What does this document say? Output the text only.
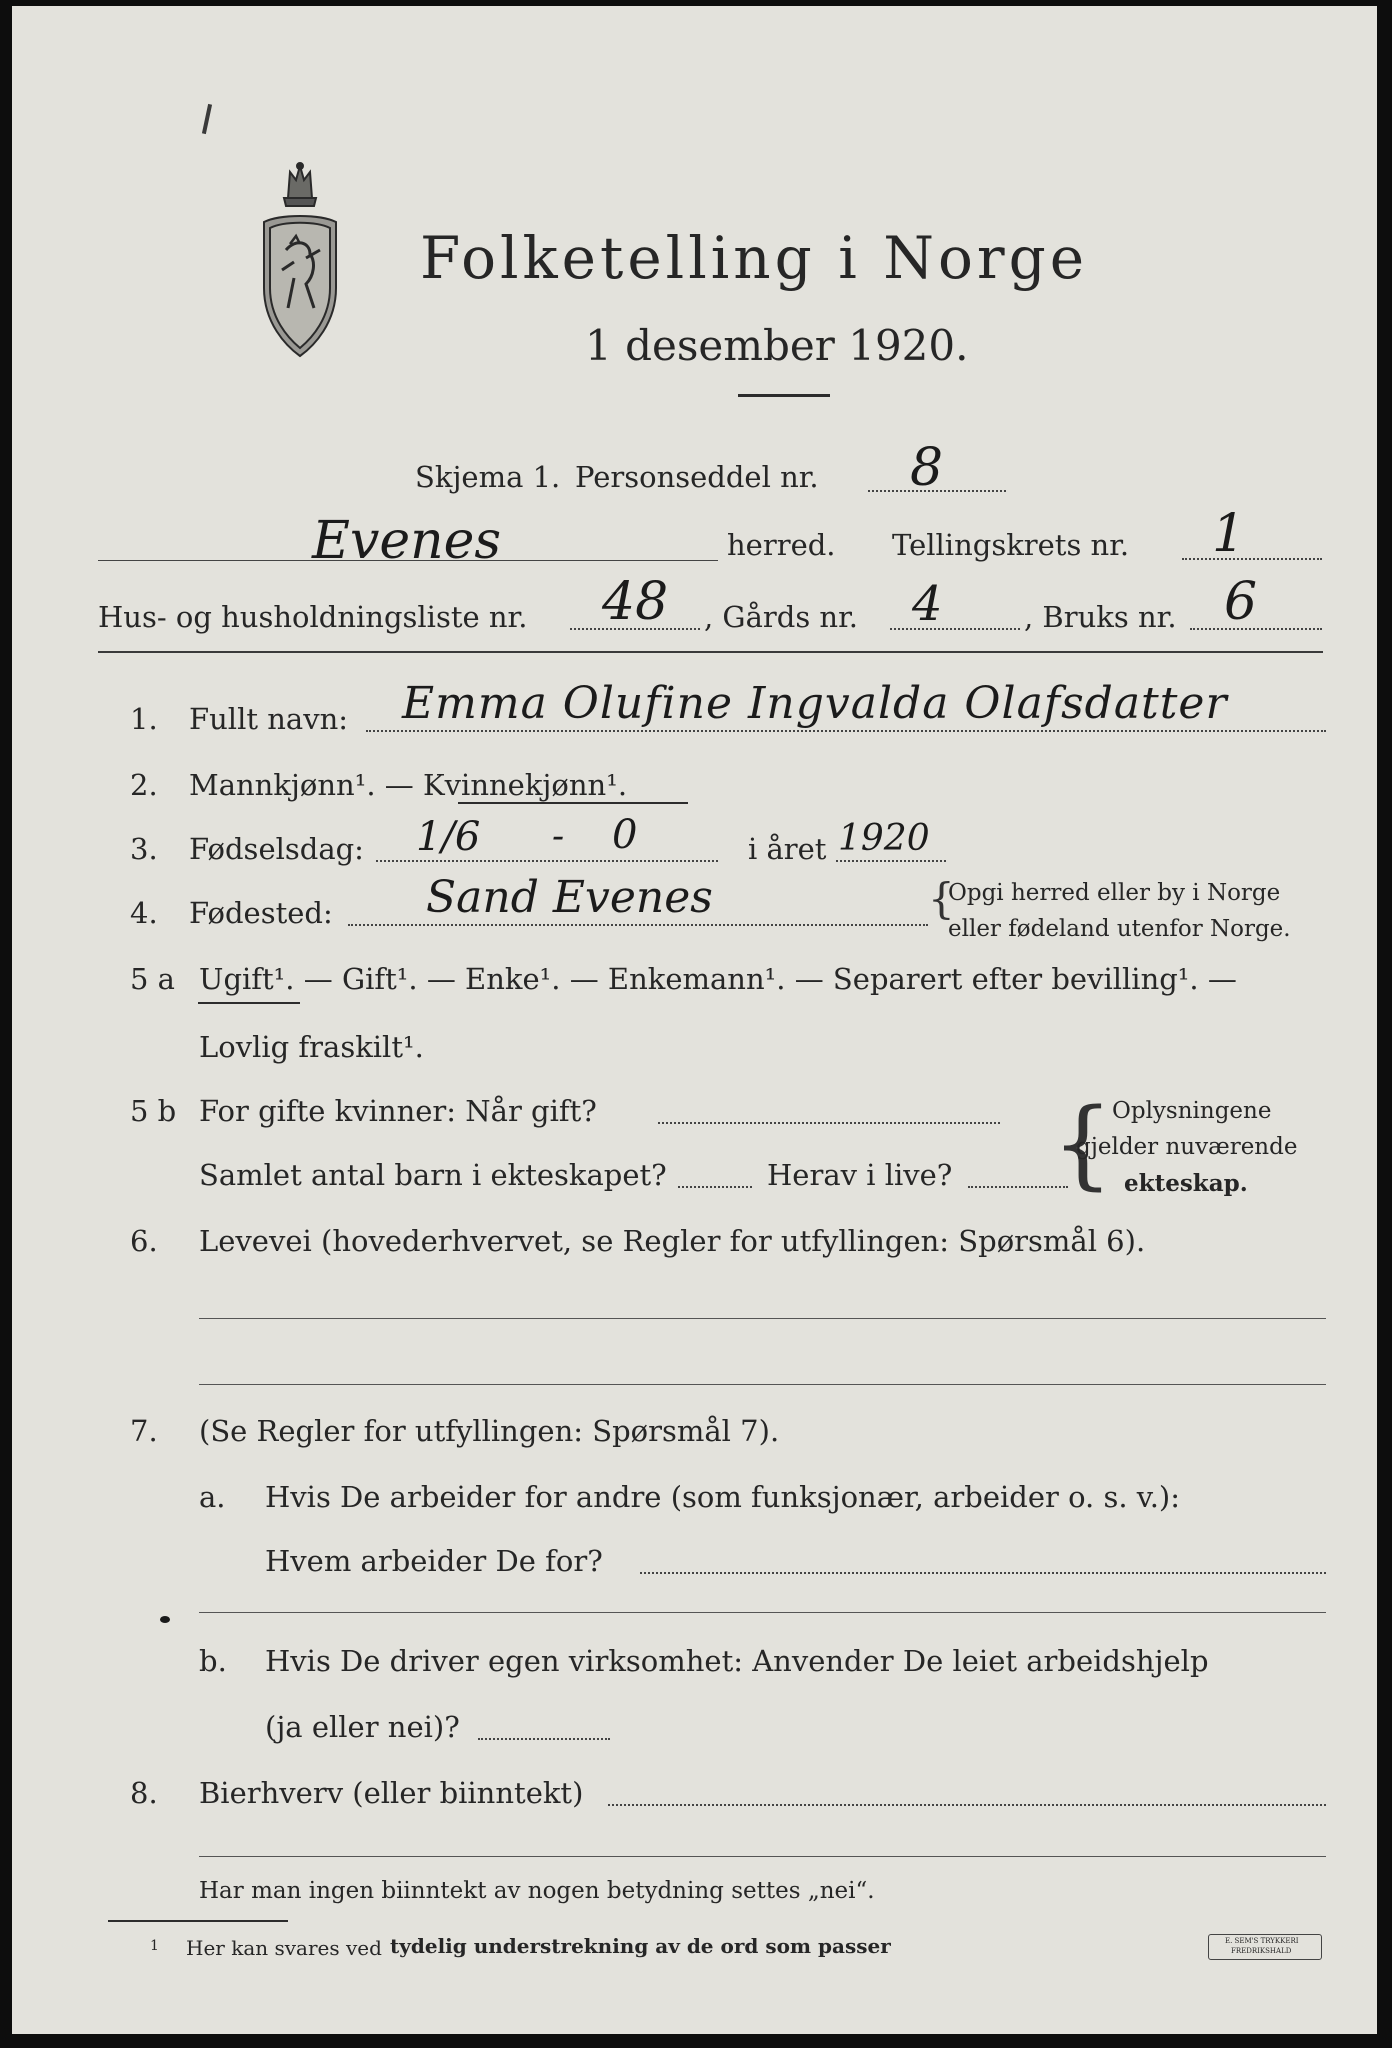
Folketelling i Norge
1 desember 1920.
Skjema 1. Personseddel nr. 8
Evenes	herred. Tellingskrets nr. 1
Hus- og husholdningsliste nr. 48 , Gårds nr. 4	, Bruks nr. 6
1. Fullt navn: Emma Olufine Ingvalda Olafsdatter
2. Mannkjønn¹. — Kvinnekjønn¹.
3. Fødselsdag: 1/6 - 0	i året 1920
4. Fødested: Sand Evenes	{
Opgi herred eller by i Norge
eller fødeland utenfor Norge.
5 a Ugift¹. — Gift¹. — Enke¹. — Enkemann¹. — Separert efter bevilling¹. —
Lovlig fraskilt¹.
5 b For gifte kvinner: Når gift?
Samlet antal barn i ekteskapet?	Herav i live? {
Oplysningene
gjelder nuværende
ekteskap.
6. Levevei (hovederhvervet, se Regler for utfyllingen: Spørsmål 6).
7. (Se Regler for utfyllingen: Spørsmål 7).
a. Hvis De arbeider for andre (som funksjonær, arbeider o. s. v.):
Hvem arbeider De for?
b. Hvis De driver egen virksomhet: Anvender De leiet arbeidshjelp
(ja eller nei)?
8. Bierhverv (eller biinntekt)
Har man ingen biinntekt av nogen betydning settes „nei“.
1 Her kan svares ved tydelig understrekning av de ord som passer	E. SEM'S TRYKKERI
FREDRIKSHALD
